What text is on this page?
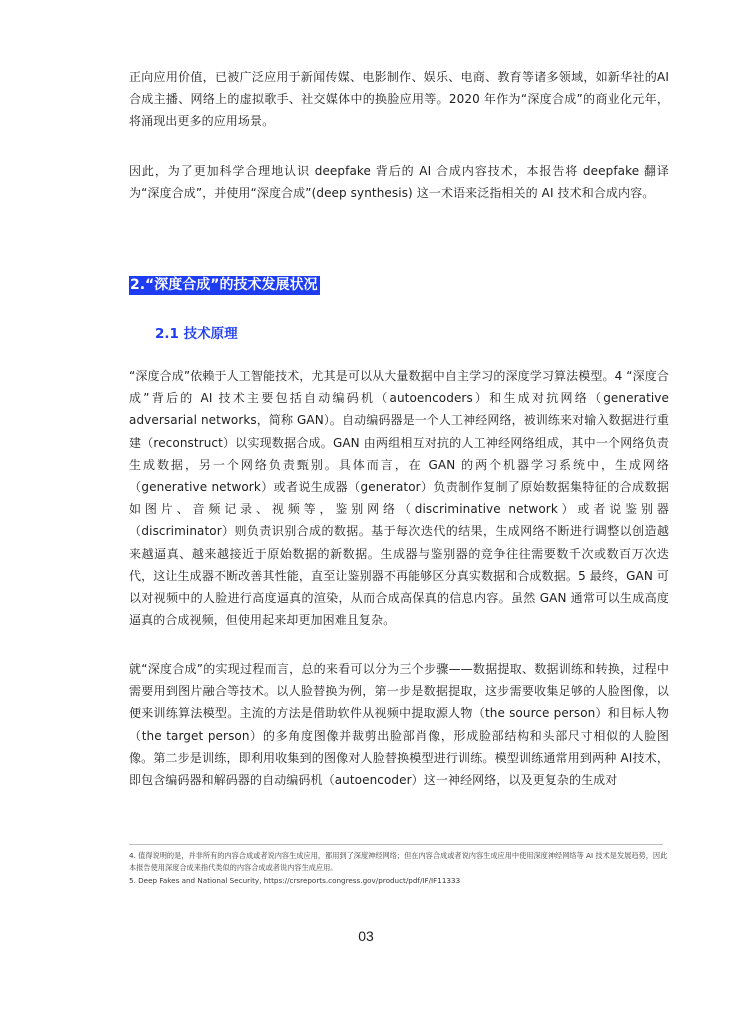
正向应用价值，已被广泛应用于新闻传媒、电影制作、娱乐、电商、教育等诸多领域，如新华社的AI 合成主播、网络上的虚拟歌手、社交媒体中的换脸应用等。2020 年作为“深度合成”的商业化元年，将涌现出更多的应用场景。

因此，为了更加科学合理地认识 deepfake 背后的 AI 合成内容技术，本报告将 deepfake 翻译为“深度合成”，并使用“深度合成”(deep synthesis) 这一术语来泛指相关的 AI 技术和合成内容。

2.“深度合成”的技术发展状况
2.1 技术原理

“深度合成”依赖于人工智能技术，尤其是可以从大量数据中自主学习的深度学习算法模型。4 “深度合成”背后的 AI 技术主要包括自动编码机（autoencoders）和生成对抗网络（generative adversarial networks，简称 GAN）。自动编码器是一个人工神经网络，被训练来对输入数据进行重建（reconstruct）以实现数据合成。GAN 由两组相互对抗的人工神经网络组成，其中一个网络负责生成数据，另一个网络负责甄别。具体而言，在 GAN 的两个机器学习系统中，生成网络（generative network）或者说生成器（generator）负责制作复制了原始数据集特征的合成数据如图片、音频记录、视频等，鉴别网络（discriminative network）或者说鉴别器（discriminator）则负责识别合成的数据。基于每次迭代的结果，生成网络不断进行调整以创造越来越逼真、越来越接近于原始数据的新数据。生成器与鉴别器的竞争往往需要数千次或数百万次迭代，这让生成器不断改善其性能，直至让鉴别器不再能够区分真实数据和合成数据。5 最终，GAN 可以对视频中的人脸进行高度逼真的渲染，从而合成高保真的信息内容。虽然 GAN 通常可以生成高度逼真的合成视频，但使用起来却更加困难且复杂。

就“深度合成”的实现过程而言，总的来看可以分为三个步骤——数据提取、数据训练和转换，过程中需要用到图片融合等技术。以人脸替换为例，第一步是数据提取，这步需要收集足够的人脸图像，以便来训练算法模型。主流的方法是借助软件从视频中提取源人物（the source person）和目标人物（the target person）的多角度图像并裁剪出脸部肖像，形成脸部结构和头部尺寸相似的人脸图像。第二步是训练，即利用收集到的图像对人脸替换模型进行训练。模型训练通常用到两种 AI技术，即包含编码器和解码器的自动编码机（autoencoder）这一神经网络，以及更复杂的生成对

4. 值得说明的是，并非所有的内容合成或者说内容生成应用，都用到了深度神经网络；但在内容合成或者说内容生成应用中使用深度神经网络等 AI 技术是发展趋势，因此本报告使用深度合成来指代类似的内容合成或者说内容生成应用。

5. Deep Fakes and National Security, https://crsreports.congress.gov/product/pdf/IF/IF11333

03
